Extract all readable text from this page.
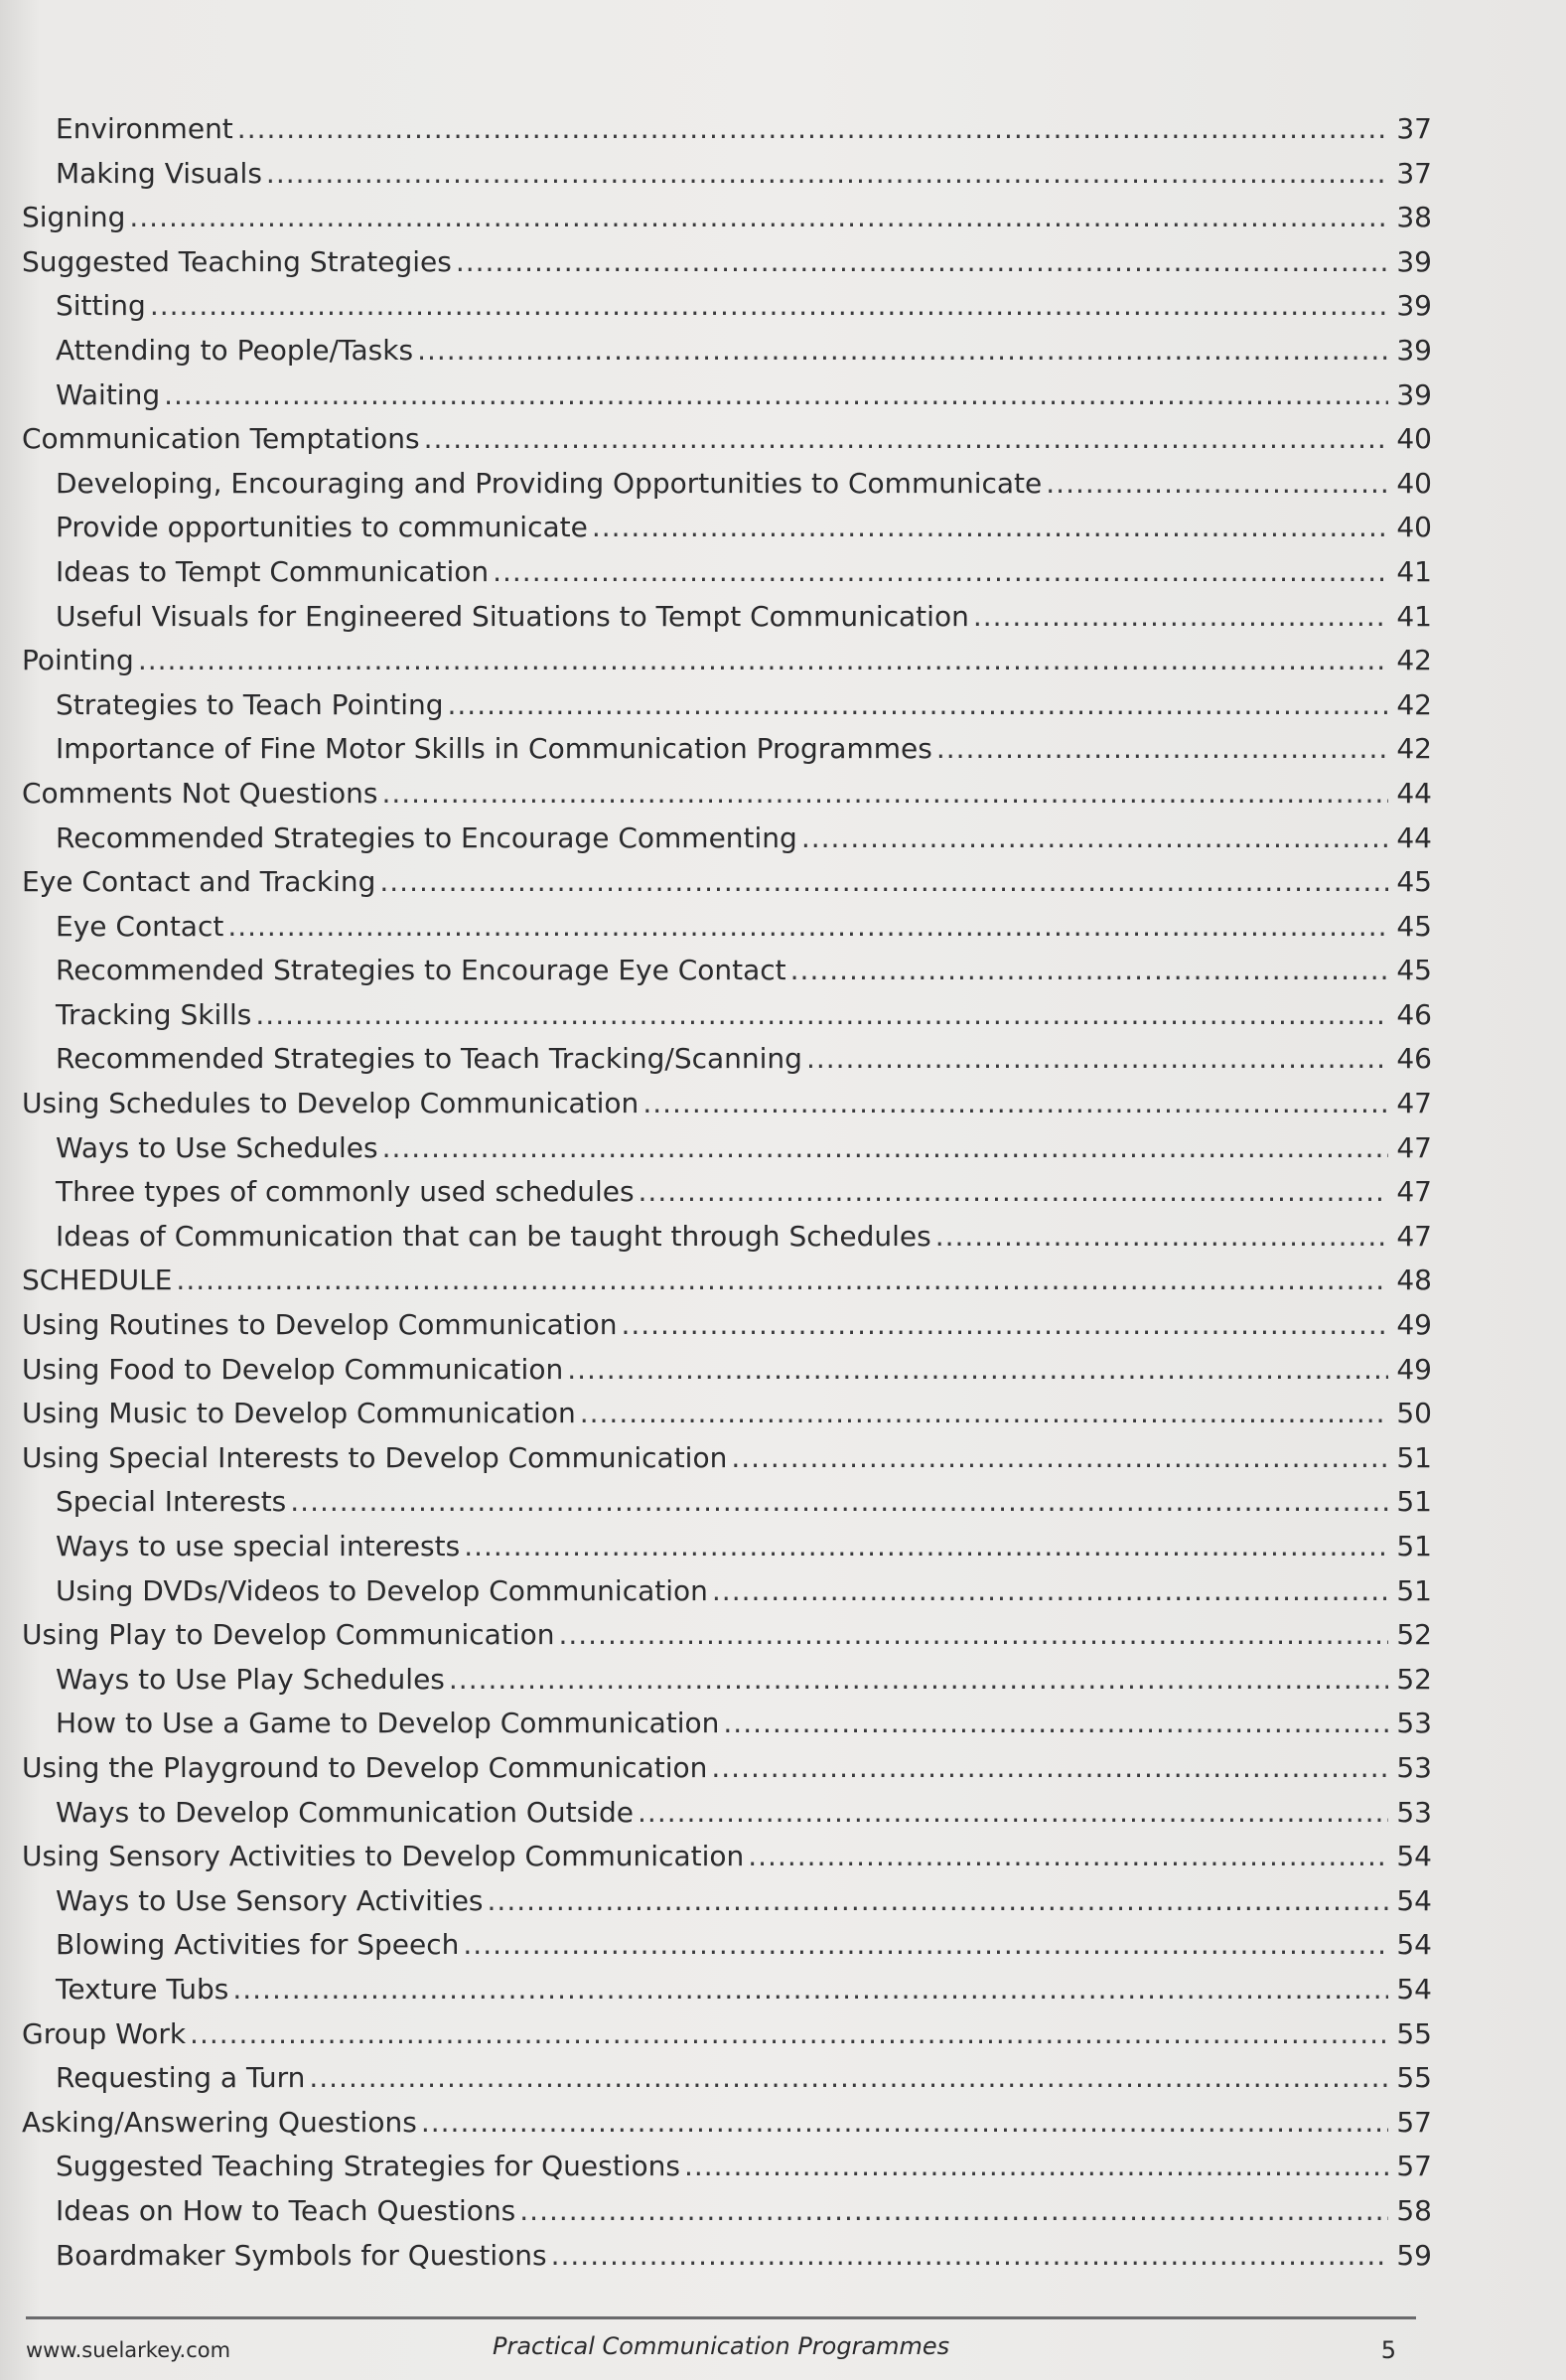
Environment .....	37
Making Visuals .....	37
Signing .....	38
Suggested Teaching Strategies .....	39
Sitting .....	39
Attending to People/Tasks .....	39
Waiting .....	39
Communication Temptations .....	40
Developing, Encouraging and Providing Opportunities to Communicate .....	40
Provide opportunities to communicate .....	40
Ideas to Tempt Communication .....	41
Useful Visuals for Engineered Situations to Tempt Communication .....	41
Pointing .....	42
Strategies to Teach Pointing .....	42
Importance of Fine Motor Skills in Communication Programmes .....	42
Comments Not Questions .....	44
Recommended Strategies to Encourage Commenting .....	44
Eye Contact and Tracking .....	45
Eye Contact .....	45
Recommended Strategies to Encourage Eye Contact .....	45
Tracking Skills .....	46
Recommended Strategies to Teach Tracking/Scanning .....	46
Using Schedules to Develop Communication .....	47
Ways to Use Schedules .....	47
Three types of commonly used schedules .....	47
Ideas of Communication that can be taught through Schedules .....	47
SCHEDULE .....	48
Using Routines to Develop Communication .....	49
Using Food to Develop Communication .....	49
Using Music to Develop Communication .....	50
Using Special Interests to Develop Communication .....	51
Special Interests .....	51
Ways to use special interests .....	51
Using DVDs/Videos to Develop Communication .....	51
Using Play to Develop Communication .....	52
Ways to Use Play Schedules .....	52
How to Use a Game to Develop Communication .....	53
Using the Playground to Develop Communication .....	53
Ways to Develop Communication Outside .....	53
Using Sensory Activities to Develop Communication .....	54
Ways to Use Sensory Activities .....	54
Blowing Activities for Speech .....	54
Texture Tubs .....	54
Group Work .....	55
Requesting a Turn .....	55
Asking/Answering Questions .....	57
Suggested Teaching Strategies for Questions .....	57
Ideas on How to Teach Questions .....	58
Boardmaker Symbols for Questions .....	59
www.suelarkey.com	Practical Communication Programmes	5
